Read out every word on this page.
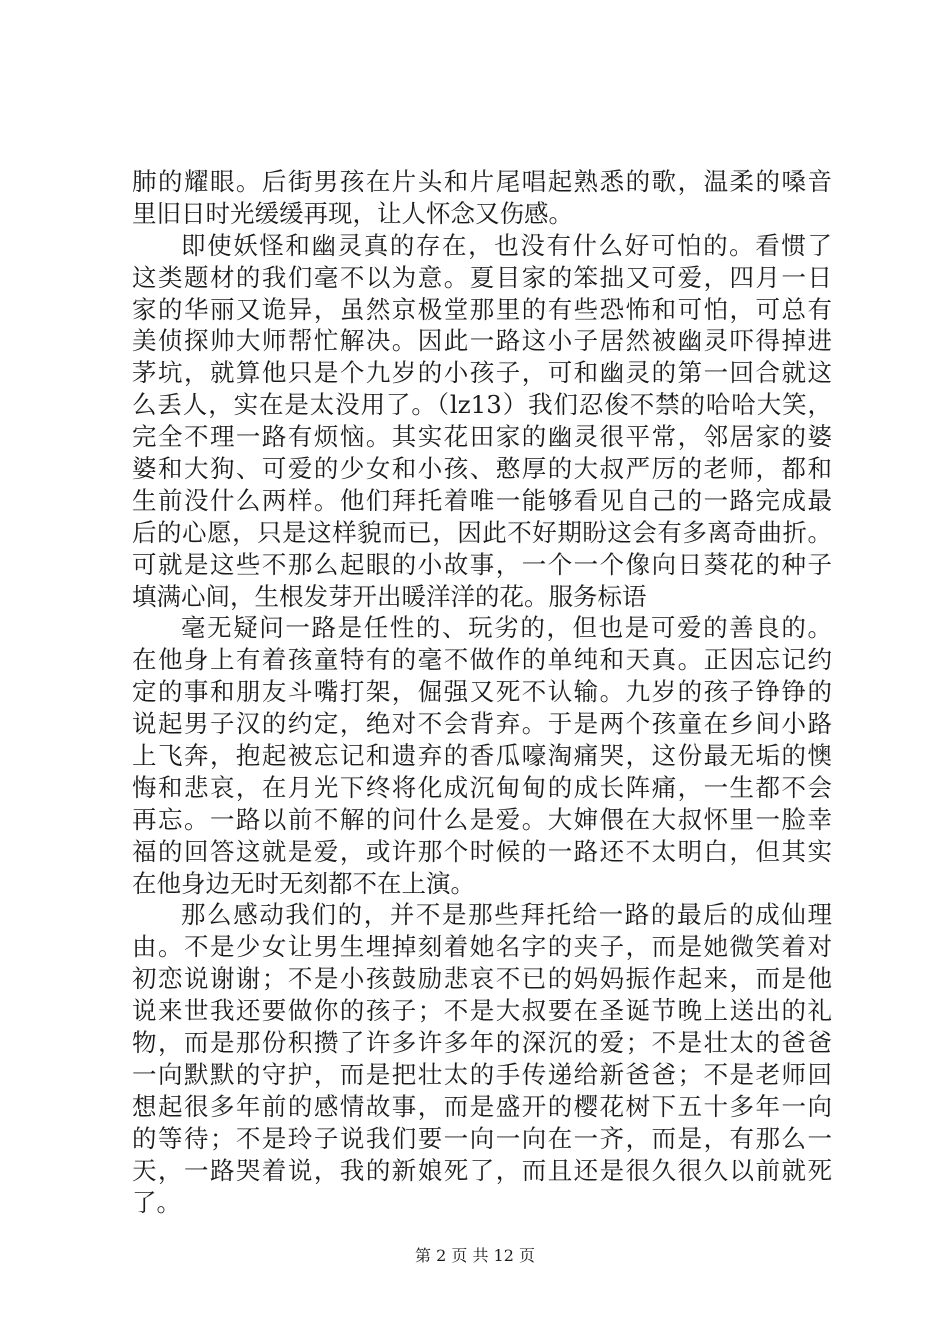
肺的耀眼。后街男孩在片头和片尾唱起熟悉的歌，温柔的嗓音
里旧日时光缓缓再现，让人怀念又伤感。
即使妖怪和幽灵真的存在，也没有什么好可怕的。看惯了
这类题材的我们毫不以为意。夏目家的笨拙又可爱，四月一日
家的华丽又诡异，虽然京极堂那里的有些恐怖和可怕，可总有
美侦探帅大师帮忙解决。因此一路这小子居然被幽灵吓得掉进
茅坑，就算他只是个九岁的小孩子，可和幽灵的第一回合就这
么丢人，实在是太没用了。（lz13）我们忍俊不禁的哈哈大笑，
完全不理一路有烦恼。其实花田家的幽灵很平常，邻居家的婆
婆和大狗、可爱的少女和小孩、憨厚的大叔严厉的老师，都和
生前没什么两样。他们拜托着唯一能够看见自己的一路完成最
后的心愿，只是这样貌而已，因此不好期盼这会有多离奇曲折。
可就是这些不那么起眼的小故事，一个一个像向日葵花的种子
填满心间，生根发芽开出暖洋洋的花。服务标语
毫无疑问一路是任性的、玩劣的，但也是可爱的善良的。
在他身上有着孩童特有的毫不做作的单纯和天真。正因忘记约
定的事和朋友斗嘴打架，倔强又死不认输。九岁的孩子铮铮的
说起男子汉的约定，绝对不会背弃。于是两个孩童在乡间小路
上飞奔，抱起被忘记和遗弃的香瓜嚎淘痛哭，这份最无垢的懊
悔和悲哀，在月光下终将化成沉甸甸的成长阵痛，一生都不会
再忘。一路以前不解的问什么是爱。大婶偎在大叔怀里一脸幸
福的回答这就是爱，或许那个时候的一路还不太明白，但其实
在他身边无时无刻都不在上演。
那么感动我们的，并不是那些拜托给一路的最后的成仙理
由。不是少女让男生埋掉刻着她名字的夹子，而是她微笑着对
初恋说谢谢；不是小孩鼓励悲哀不已的妈妈振作起来，而是他
说来世我还要做你的孩子；不是大叔要在圣诞节晚上送出的礼
物，而是那份积攒了许多许多年的深沉的爱；不是壮太的爸爸
一向默默的守护，而是把壮太的手传递给新爸爸；不是老师回
想起很多年前的感情故事，而是盛开的樱花树下五十多年一向
的等待；不是玲子说我们要一向一向在一齐，而是，有那么一
天，一路哭着说，我的新娘死了，而且还是很久很久以前就死
了。
第 2 页 共 12 页
